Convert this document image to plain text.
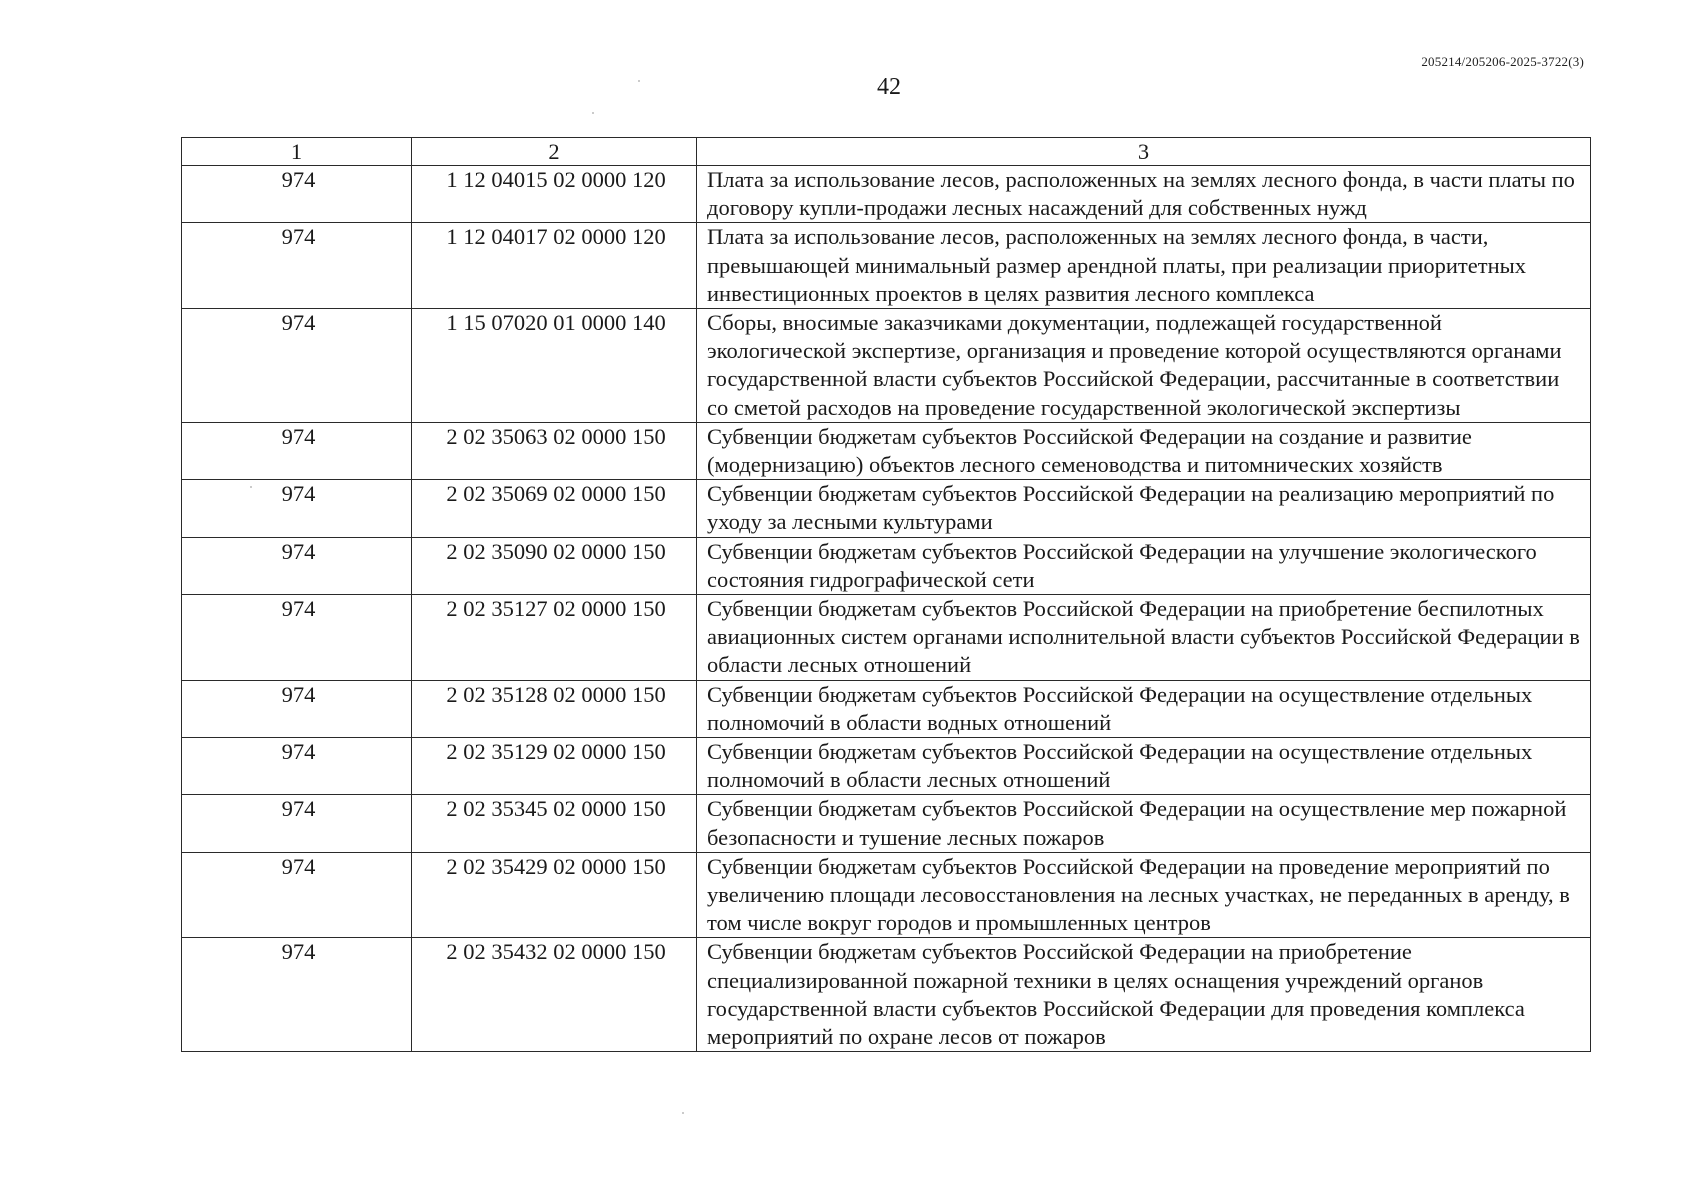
205214/205206-2025-3722(3)
42
1	2	3
974	1 12 04015 02 0000 120	Плата за использование лесов, расположенных на землях лесного фонда, в части платы по договору купли-продажи лесных насаждений для собственных нужд
974	1 12 04017 02 0000 120	Плата за использование лесов, расположенных на землях лесного фонда, в части, превышающей минимальный размер арендной платы, при реализации приоритетных инвестиционных проектов в целях развития лесного комплекса
974	1 15 07020 01 0000 140	Сборы, вносимые заказчиками документации, подлежащей государственной экологической экспертизе, организация и проведение которой осуществляются органами государственной власти субъектов Российской Федерации, рассчитанные в соответствии со сметой расходов на проведение государственной экологической экспертизы
974	2 02 35063 02 0000 150	Субвенции бюджетам субъектов Российской Федерации на создание и развитие (модернизацию) объектов лесного семеноводства и питомнических хозяйств
974	2 02 35069 02 0000 150	Субвенции бюджетам субъектов Российской Федерации на реализацию мероприятий по уходу за лесными культурами
974	2 02 35090 02 0000 150	Субвенции бюджетам субъектов Российской Федерации на улучшение экологического состояния гидрографической сети
974	2 02 35127 02 0000 150	Субвенции бюджетам субъектов Российской Федерации на приобретение беспилотных авиационных систем органами исполнительной власти субъектов Российской Федерации в области лесных отношений
974	2 02 35128 02 0000 150	Субвенции бюджетам субъектов Российской Федерации на осуществление отдельных полномочий в области водных отношений
974	2 02 35129 02 0000 150	Субвенции бюджетам субъектов Российской Федерации на осуществление отдельных полномочий в области лесных отношений
974	2 02 35345 02 0000 150	Субвенции бюджетам субъектов Российской Федерации на осуществление мер пожарной безопасности и тушение лесных пожаров
974	2 02 35429 02 0000 150	Субвенции бюджетам субъектов Российской Федерации на проведение мероприятий по увеличению площади лесовосстановления на лесных участках, не переданных в аренду, в том числе вокруг городов и промышленных центров
974	2 02 35432 02 0000 150	Субвенции бюджетам субъектов Российской Федерации на приобретение специализированной пожарной техники в целях оснащения учреждений органов государственной власти субъектов Российской Федерации для проведения комплекса мероприятий по охране лесов от пожаров
